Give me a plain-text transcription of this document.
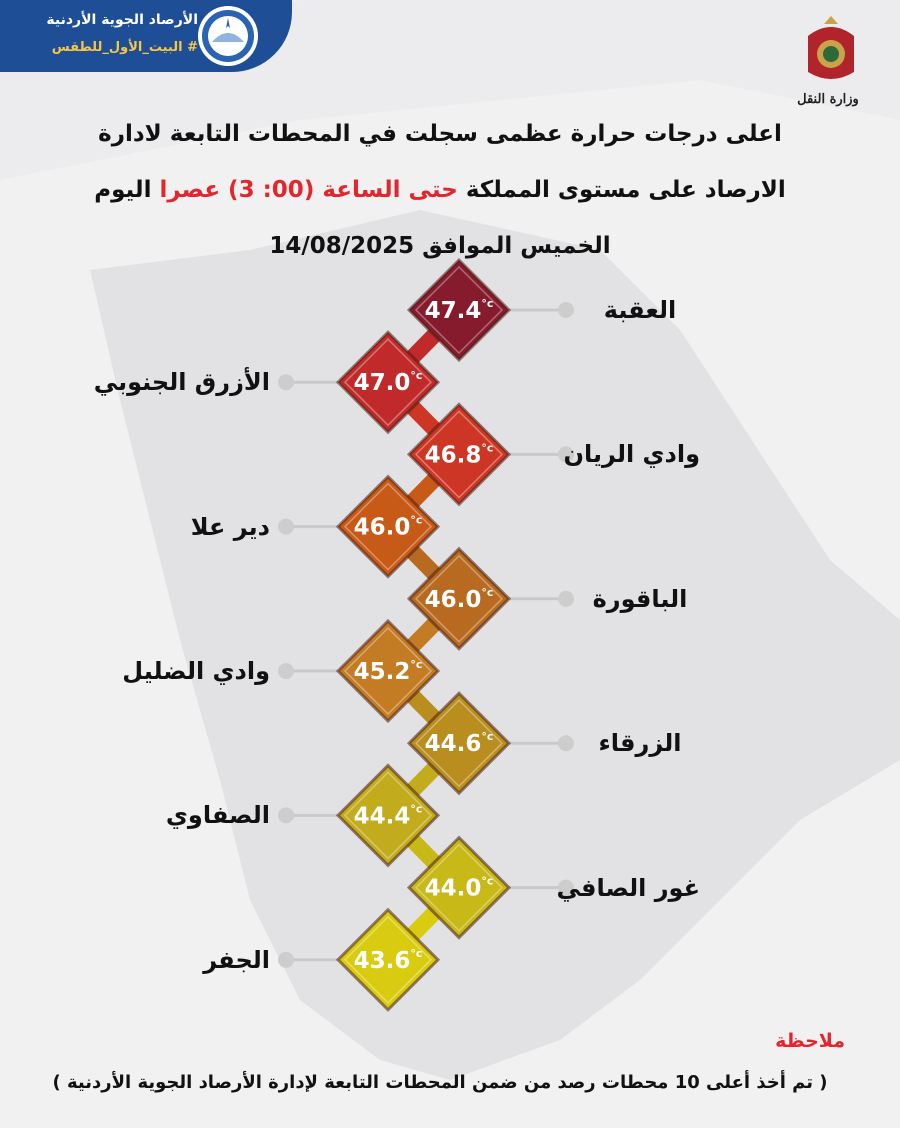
الأرصاد الجوية الأردنية
# البيت_الأول_للطقس
وزارة النقل
اعلى درجات حرارة عظمى سجلت في المحطات التابعة لادارة
الارصاد على مستوى المملكة حتى الساعة (00: 3) عصرا اليوم
الخميس الموافق 14/08/2025
$47.4^{^\circ c}$
$47.0^{^\circ c}$
$46.8^{^\circ c}$
$46.0^{^\circ c}$
$46.0^{^\circ c}$
$45.2^{^\circ c}$
$44.6^{^\circ c}$
$44.4^{^\circ c}$
$44.0^{^\circ c}$
$43.6^{^\circ c}$
العقبة
الأزرق الجنوبي
وادي الريان
دير علا
الباقورة
وادي الضليل
الزرقاء
الصفاوي
غور الصافي
الجفر
ملاحظة
( تم أخذ أعلى 10 محطات رصد من ضمن المحطات التابعة لإدارة الأرصاد الجوية الأردنية )
